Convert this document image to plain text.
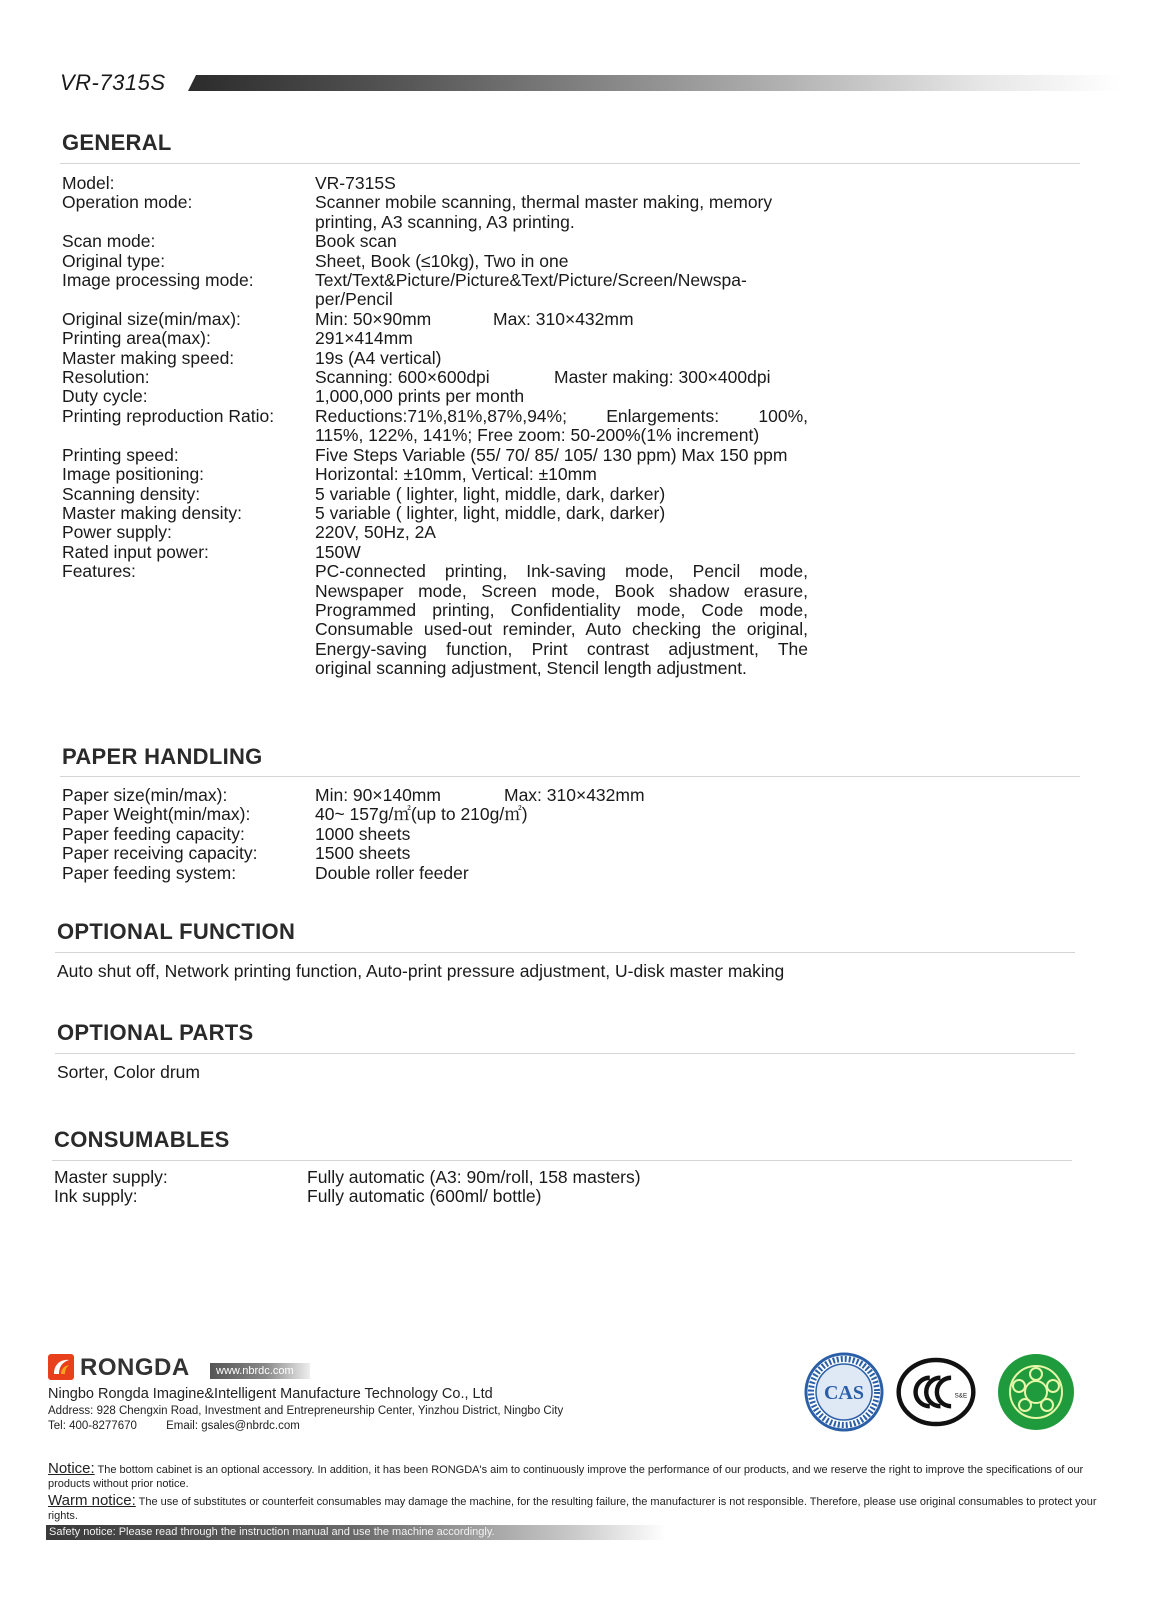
VR-7315S
GENERAL
Model:	VR-7315S
Operation mode:	Scanner mobile scanning, thermal master making, memory
printing, A3 scanning, A3 printing.
Scan mode:	Book scan
Original type:	Sheet, Book (≤10kg), Two in one
Image processing mode:	Text/Text&Picture/Picture&Text/Picture/Screen/Newspa-
per/Pencil
Original size(min/max):	Min: 50×90mm	Max: 310×432mm
Printing area(max):	291×414mm
Master making speed:	19s (A4 vertical)
Resolution:	Scanning: 600×600dpi	Master making: 300×400dpi
Duty cycle:	1,000,000 prints per month
Printing reproduction Ratio:	Reductions:71%,81%,87%,94%; Enlargements: 100%,
115%, 122%, 141%; Free zoom: 50-200%(1% increment)
Printing speed:	Five Steps Variable (55/ 70/ 85/ 105/ 130 ppm) Max 150 ppm
Image positioning:	Horizontal: ±10mm, Vertical: ±10mm
Scanning density:	5 variable ( lighter, light, middle, dark, darker)
Master making density:	5 variable ( lighter, light, middle, dark, darker)
Power supply:	220V, 50Hz, 2A
Rated input power:	150W
Features:	PC-connected printing, Ink-saving mode, Pencil mode,
Newspaper mode, Screen mode, Book shadow erasure,
Programmed printing, Confidentiality mode, Code mode,
Consumable used-out reminder, Auto checking the original,
Energy-saving function, Print contrast adjustment, The
original scanning adjustment, Stencil length adjustment.
PAPER HANDLING
Paper size(min/max):	Min: 90×140mm	Max: 310×432mm
Paper Weight(min/max):	40~ 157g/㎡(up to 210g/㎡)
Paper feeding capacity:	1000 sheets
Paper receiving capacity:	1500 sheets
Paper feeding system:	Double roller feeder
OPTIONAL FUNCTION
Auto shut off, Network printing function, Auto-print pressure adjustment, U-disk master making
OPTIONAL PARTS
Sorter, Color drum
CONSUMABLES
Master supply:	Fully automatic (A3: 90m/roll, 158 masters)
Ink supply:	Fully automatic (600ml/ bottle)
RONGDA	www.nbrdc.com
Ningbo Rongda Imagine&Intelligent Manufacture Technology Co., Ltd
Address: 928 Chengxin Road, Investment and Entrepreneurship Center, Yinzhou District, Ningbo City
Tel: 400-8277670	Email: gsales@nbrdc.com
CAS	S&E
Notice: The bottom cabinet is an optional accessory. In addition, it has been RONGDA's aim to continuously improve the performance of our products, and we reserve the right to improve the specifications of our products without prior notice.
Warm notice: The use of substitutes or counterfeit consumables may damage the machine, for the resulting failure, the manufacturer is not responsible. Therefore, please use original consumables to protect your rights.
Safety notice: Please read through the instruction manual and use the machine accordingly.
